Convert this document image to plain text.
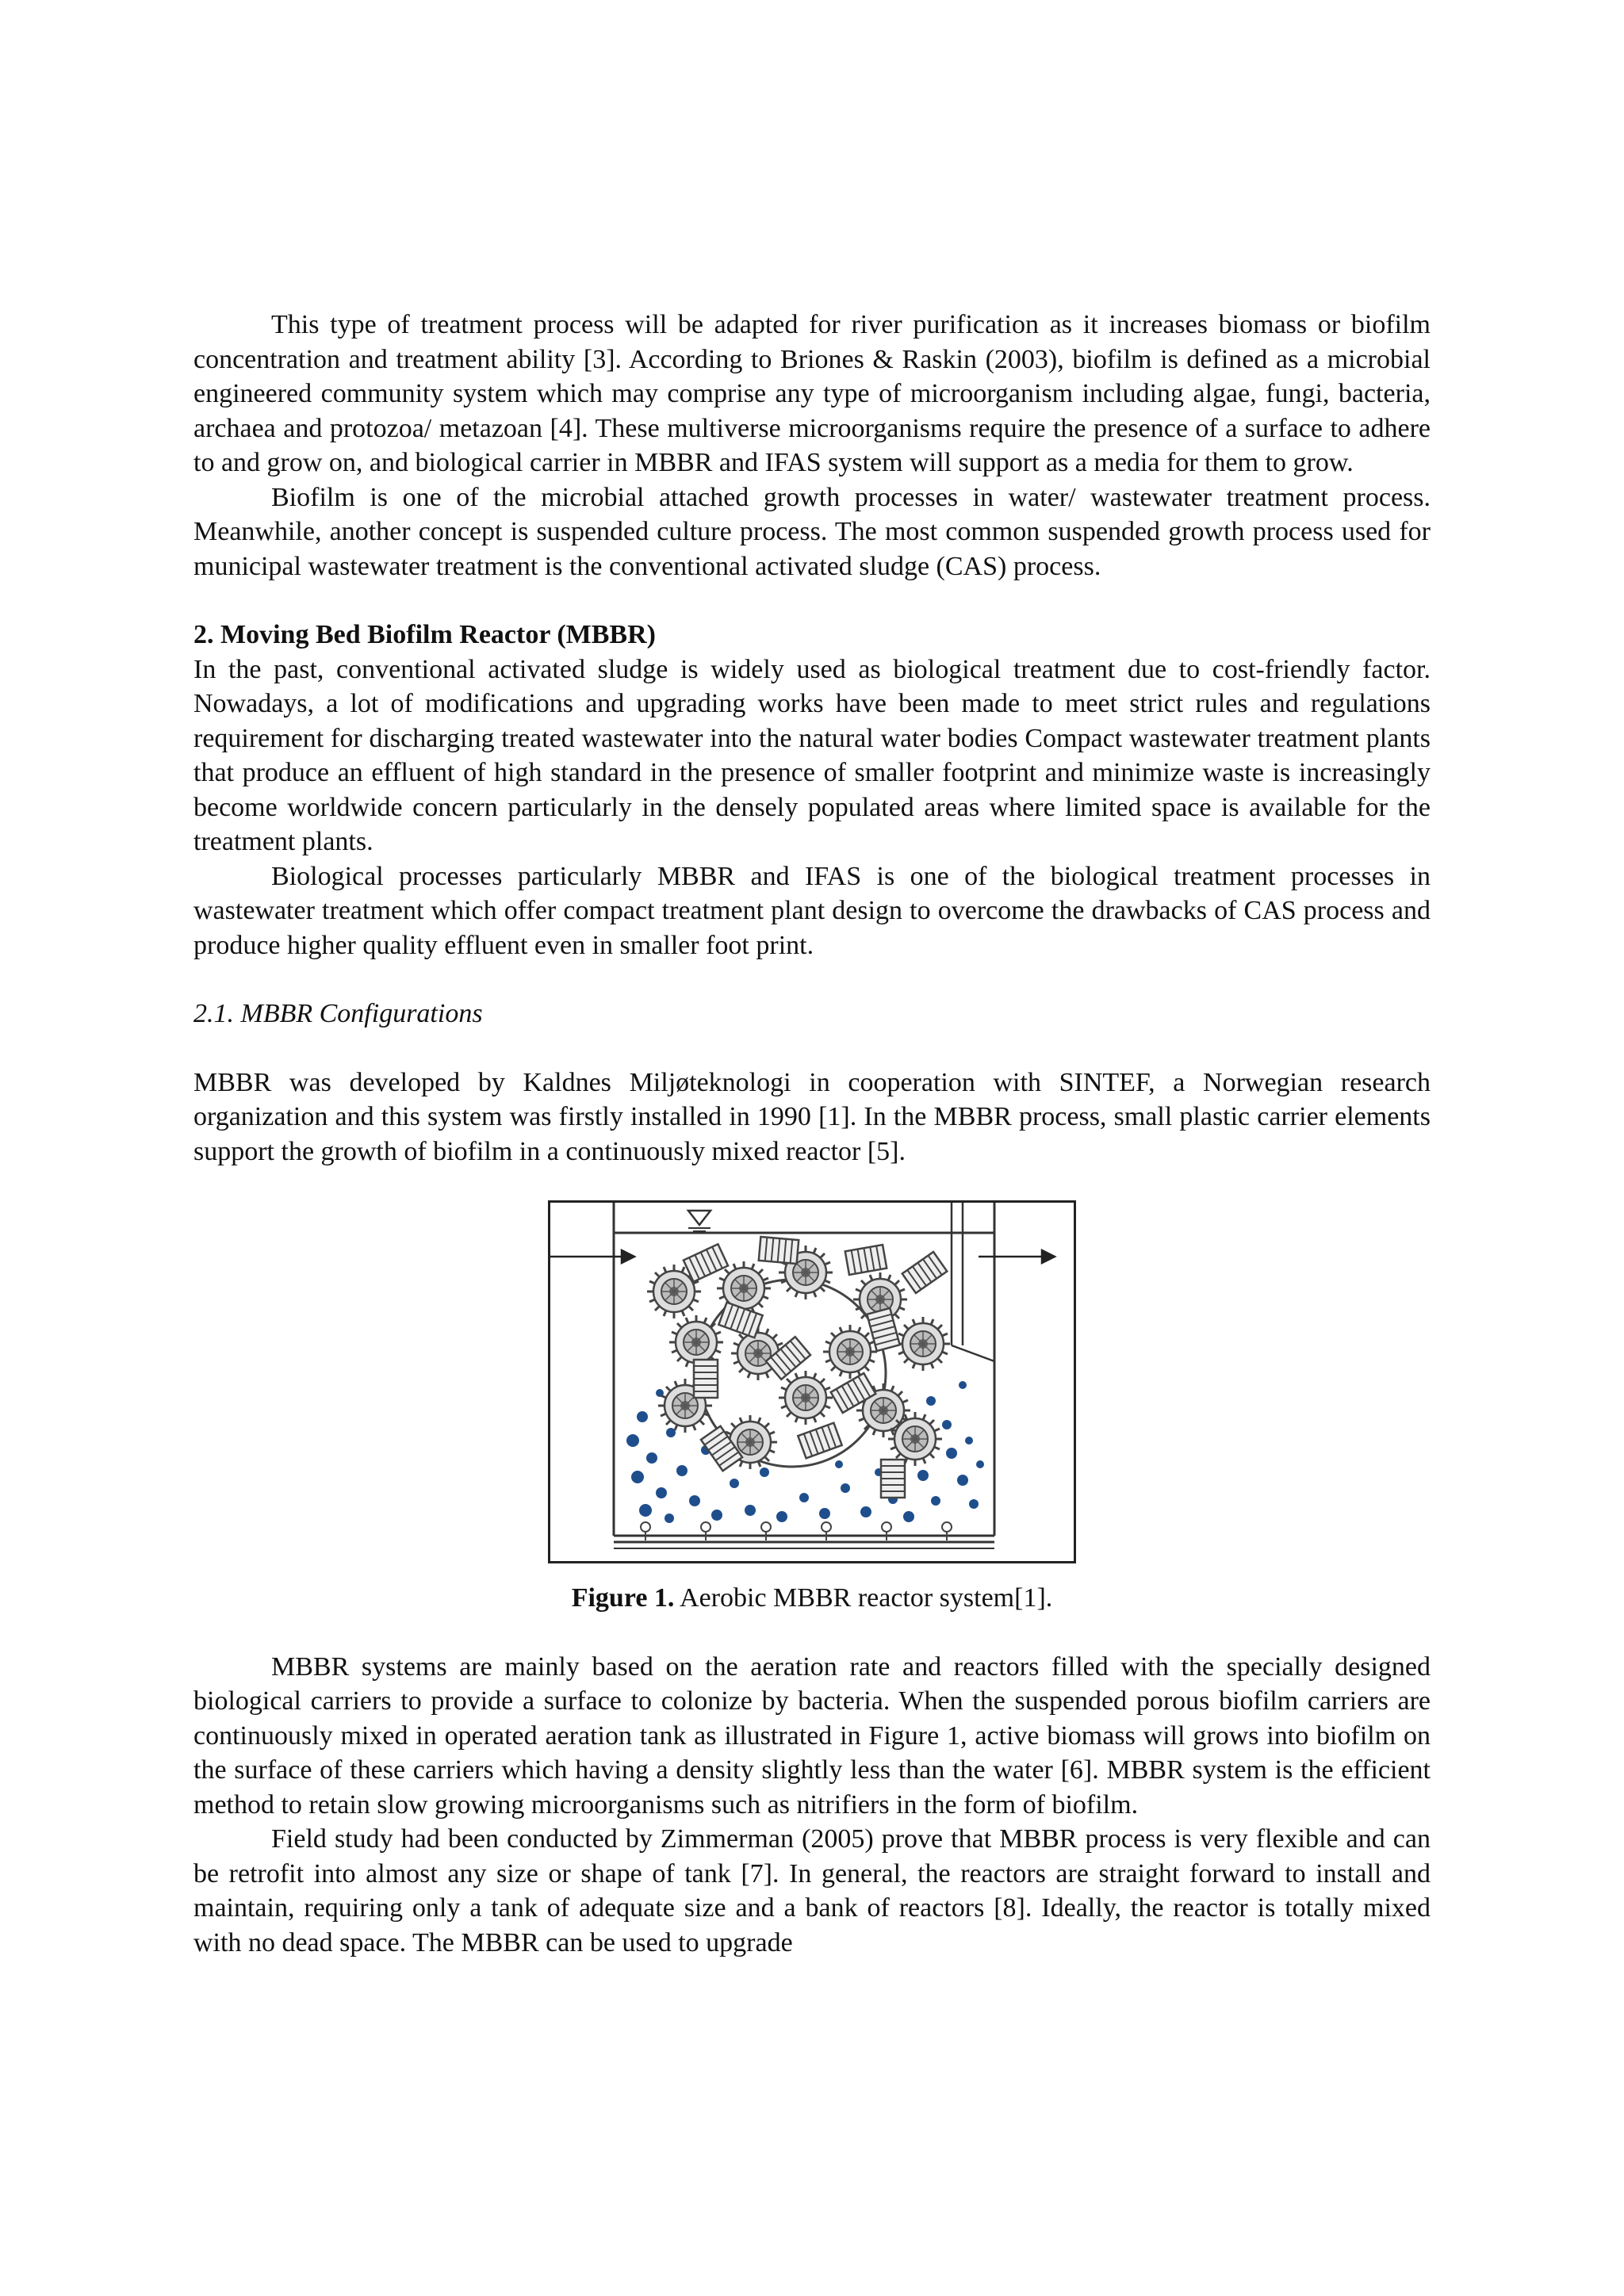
This type of treatment process will be adapted for river purification as it increases biomass or biofilm concentration and treatment ability [3]. According to Briones & Raskin (2003), biofilm is defined as a microbial engineered community system which may comprise any type of microorganism including algae, fungi, bacteria, archaea and protozoa/ metazoan [4]. These multiverse microorganisms require the presence of a surface to adhere to and grow on, and biological carrier in MBBR and IFAS system will support as a media for them to grow.

Biofilm is one of the microbial attached growth processes in water/ wastewater treatment process. Meanwhile, another concept is suspended culture process. The most common suspended growth process used for municipal wastewater treatment is the conventional activated sludge (CAS) process.

2. Moving Bed Biofilm Reactor (MBBR)

In the past, conventional activated sludge is widely used as biological treatment due to cost-friendly factor. Nowadays, a lot of modifications and upgrading works have been made to meet strict rules and regulations requirement for discharging treated wastewater into the natural water bodies Compact wastewater treatment plants that produce an effluent of high standard in the presence of smaller footprint and minimize waste is increasingly become worldwide concern particularly in the densely populated areas where limited space is available for the treatment plants.

Biological processes particularly MBBR and IFAS is one of the biological treatment processes in wastewater treatment which offer compact treatment plant design to overcome the drawbacks of CAS process and produce higher quality effluent even in smaller foot print.

2.1. MBBR Configurations

MBBR was developed by Kaldnes Miljøteknologi in cooperation with SINTEF, a Norwegian research organization and this system was firstly installed in 1990 [1]. In the MBBR process, small plastic carrier elements support the growth of biofilm in a continuously mixed reactor [5].

Figure 1. Aerobic MBBR reactor system[1].

MBBR systems are mainly based on the aeration rate and reactors filled with the specially designed biological carriers to provide a surface to colonize by bacteria. When the suspended porous biofilm carriers are continuously mixed in operated aeration tank as illustrated in Figure 1, active biomass will grows into biofilm on the surface of these carriers which having a density slightly less than the water [6]. MBBR system is the efficient method to retain slow growing microorganisms such as nitrifiers in the form of biofilm.

Field study had been conducted by Zimmerman (2005) prove that MBBR process is very flexible and can be retrofit into almost any size or shape of tank [7]. In general, the reactors are straight forward to install and maintain, requiring only a tank of adequate size and a bank of reactors [8]. Ideally, the reactor is totally mixed with no dead space. The MBBR can be used to upgrade
